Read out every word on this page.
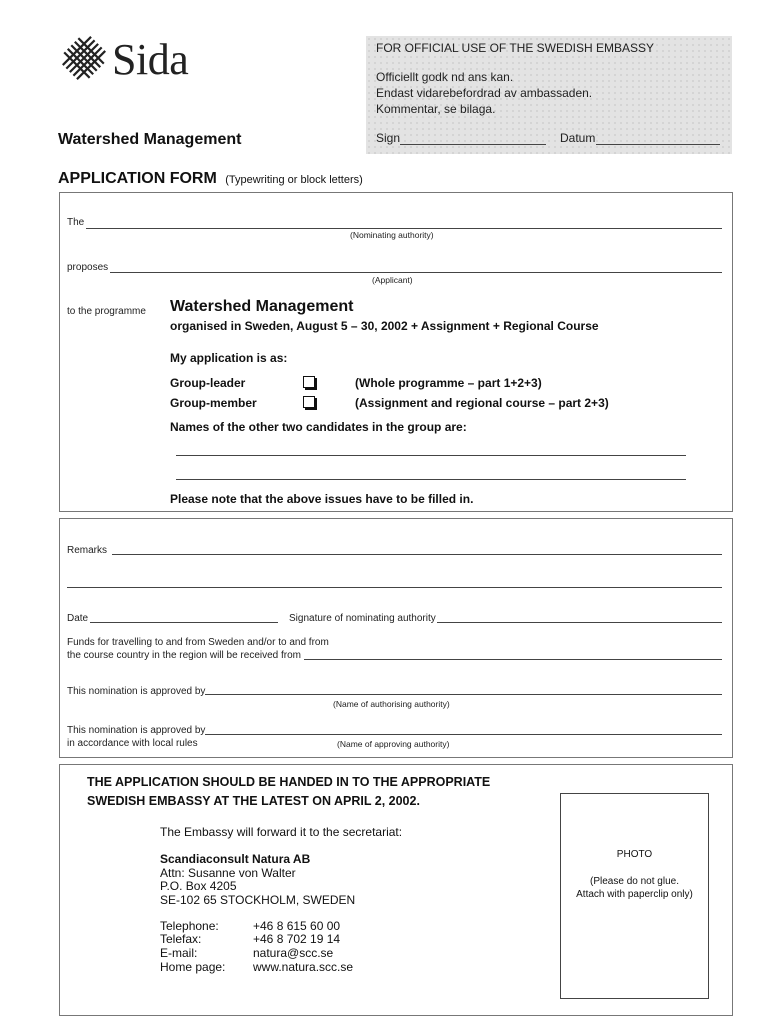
Sida	FOR OFFICIAL USE OF THE SWEDISH EMBASSY
Officiellt godk nd ans kan.
Endast vidarebefordrad av ambassaden.
Kommentar, se bilaga.
Sign	Datum
Watershed Management
APPLICATION FORM (Typewriting or block letters)
The
(Nominating authority)
proposes
(Applicant)
to the programme Watershed Management
organised in Sweden, August 5 – 30, 2002 + Assignment + Regional Course
My application is as:
Group-leader	(Whole programme – part 1+2+3)
Group-member	(Assignment and regional course – part 2+3)
Names of the other two candidates in the group are:
Please note that the above issues have to be filled in.
Remarks
Date	Signature of nominating authority
Funds for travelling to and from Sweden and/or to and from
the course country in the region will be received from
This nomination is approved by
(Name of authorising authority)
This nomination is approved by
in accordance with local rules	(Name of approving authority)
THE APPLICATION SHOULD BE HANDED IN TO THE APPROPRIATE
SWEDISH EMBASSY AT THE LATEST ON APRIL 2, 2002.
The Embassy will forward it to the secretariat:
Scandiaconsult Natura AB
Attn: Susanne von Walter
P.O. Box 4205
SE-102 65 STOCKHOLM, SWEDEN
Telephone:	+46 8 615 60 00
Telefax:	+46 8 702 19 14
E-mail:	natura@scc.se
Home page: www.natura.scc.se
PHOTO
(Please do not glue.
Attach with paperclip only)
